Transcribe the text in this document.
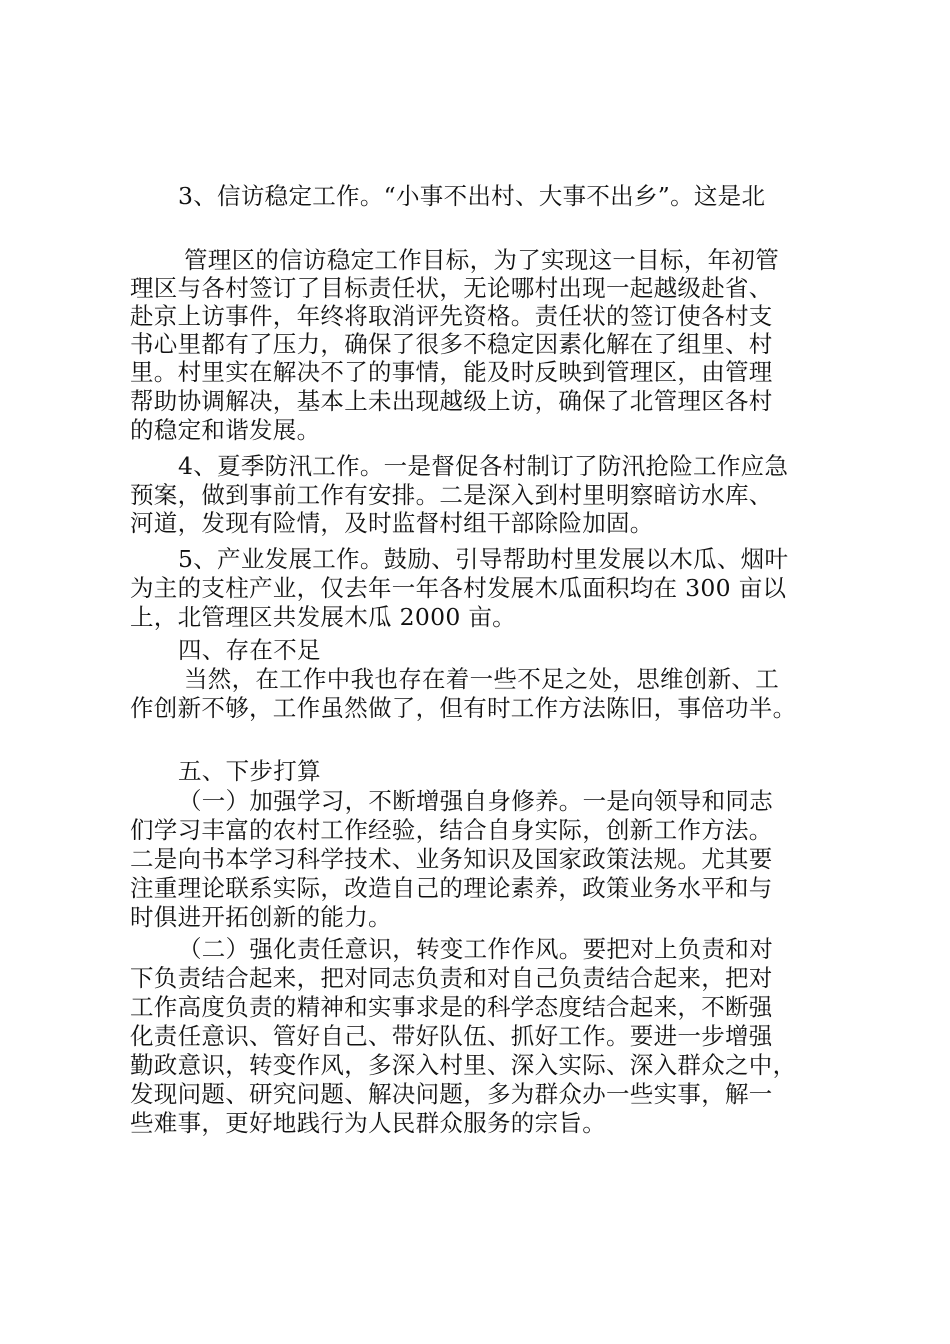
3、信访稳定工作。“小事不出村、大事不出乡”。这是北
管理区的信访稳定工作目标，为了实现这一目标，年初管
理区与各村签订了目标责任状，无论哪村出现一起越级赴省、
赴京上访事件，年终将取消评先资格。责任状的签订使各村支
书心里都有了压力，确保了很多不稳定因素化解在了组里、村
里。村里实在解决不了的事情，能及时反映到管理区，由管理
帮助协调解决，基本上未出现越级上访，确保了北管理区各村
的稳定和谐发展。
4、夏季防汛工作。一是督促各村制订了防汛抢险工作应急
预案，做到事前工作有安排。二是深入到村里明察暗访水库、
河道，发现有险情，及时监督村组干部除险加固。
5、产业发展工作。鼓励、引导帮助村里发展以木瓜、烟叶
为主的支柱产业，仅去年一年各村发展木瓜面积均在 300 亩以
上，北管理区共发展木瓜 2000 亩。
四、存在不足
当然，在工作中我也存在着一些不足之处，思维创新、工
作创新不够，工作虽然做了，但有时工作方法陈旧，事倍功半。
五、下步打算
（一）加强学习，不断增强自身修养。一是向领导和同志
们学习丰富的农村工作经验，结合自身实际，创新工作方法。
二是向书本学习科学技术、业务知识及国家政策法规。尤其要
注重理论联系实际，改造自己的理论素养，政策业务水平和与
时俱进开拓创新的能力。
（二）强化责任意识，转变工作作风。要把对上负责和对
下负责结合起来，把对同志负责和对自己负责结合起来，把对
工作高度负责的精神和实事求是的科学态度结合起来，不断强
化责任意识、管好自己、带好队伍、抓好工作。要进一步增强
勤政意识，转变作风，多深入村里、深入实际、深入群众之中，
发现问题、研究问题、解决问题，多为群众办一些实事，解一
些难事，更好地践行为人民群众服务的宗旨。
